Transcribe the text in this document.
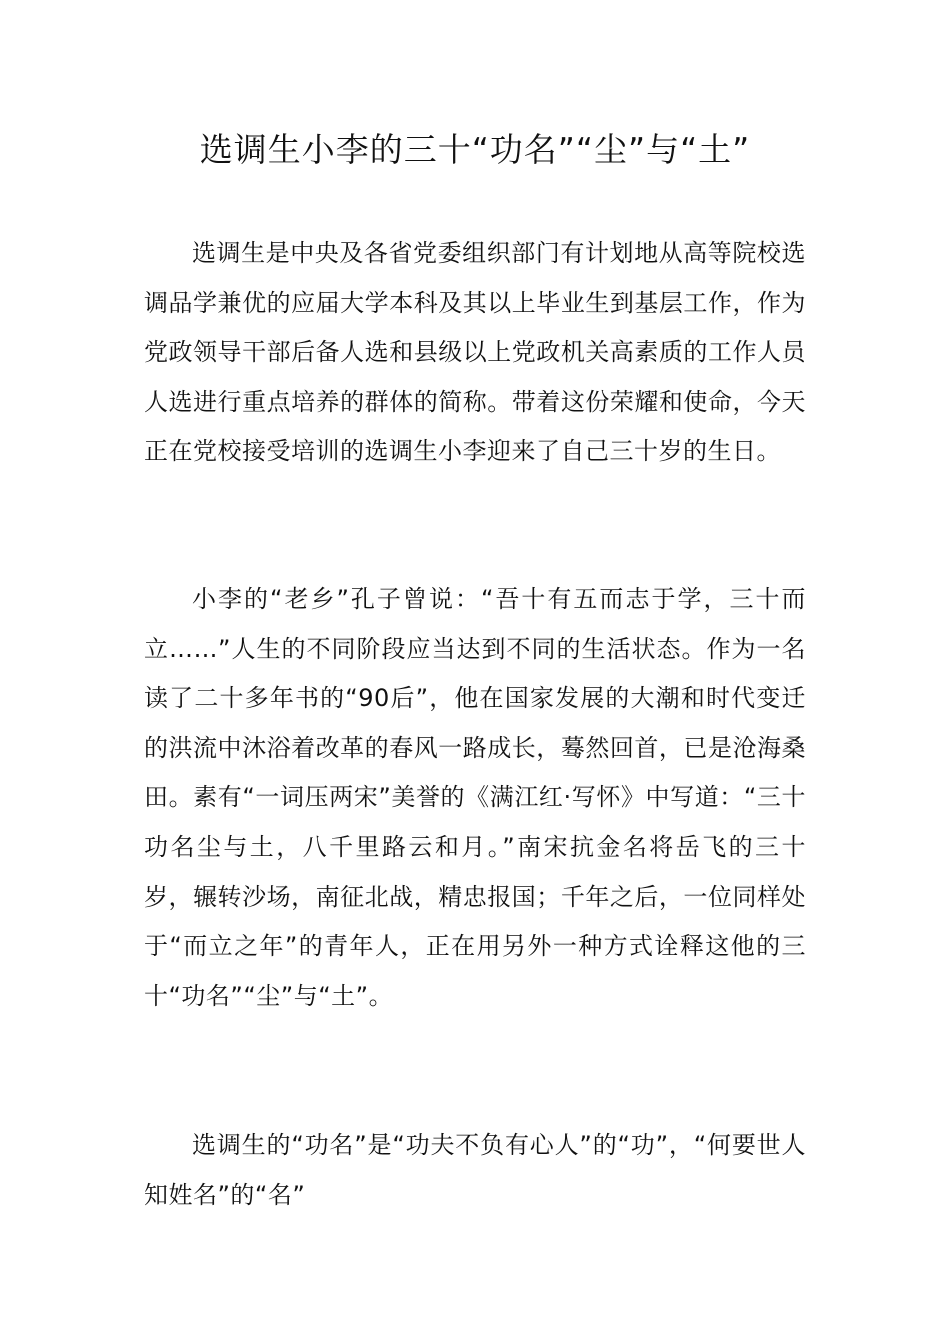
选调生小李的三十“功名”“尘”与“土”

选调生是中央及各省党委组织部门有计划地从高等院校选调品学兼优的应届大学本科及其以上毕业生到基层工作，作为党政领导干部后备人选和县级以上党政机关高素质的工作人员人选进行重点培养的群体的简称。带着这份荣耀和使命，今天正在党校接受培训的选调生小李迎来了自己三十岁的生日。

小李的“老乡”孔子曾说：“吾十有五而志于学，三十而立……”人生的不同阶段应当达到不同的生活状态。作为一名读了二十多年书的“90后”，他在国家发展的大潮和时代变迁的洪流中沐浴着改革的春风一路成长，蓦然回首，已是沧海桑田。素有“一词压两宋”美誉的《满江红·写怀》中写道：“三十功名尘与土，八千里路云和月。”南宋抗金名将岳飞的三十岁，辗转沙场，南征北战，精忠报国；千年之后，一位同样处于“而立之年”的青年人，正在用另外一种方式诠释这他的三十“功名”“尘”与“土”。

选调生的“功名”是“功夫不负有心人”的“功”，“何要世人知姓名”的“名”
